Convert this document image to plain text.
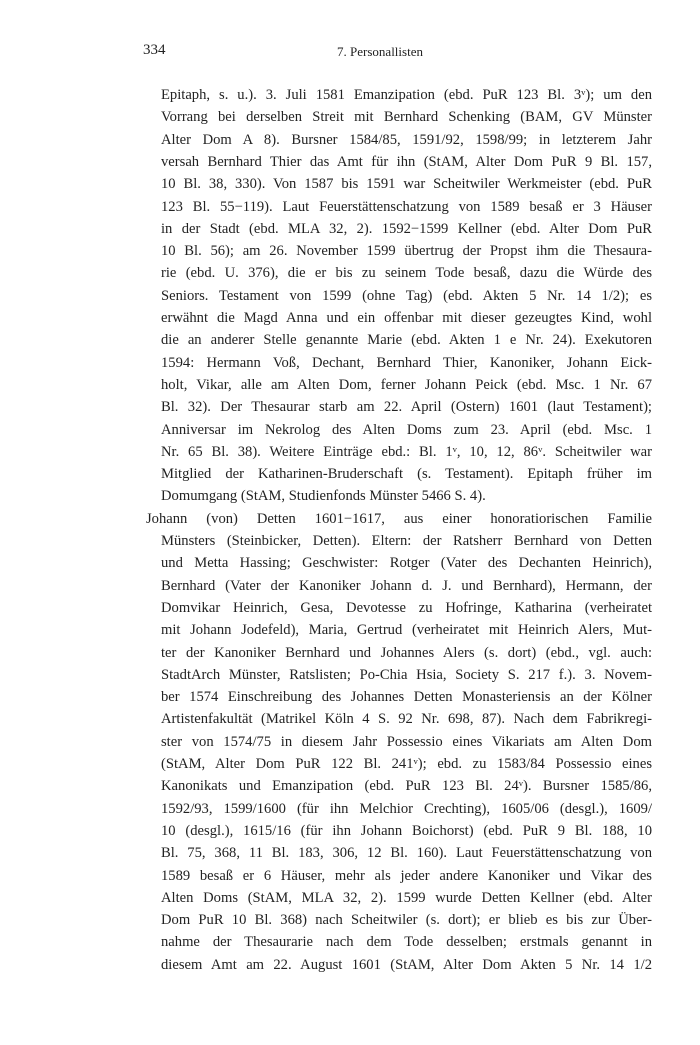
334	7. Personallisten
Epitaph, s. u.). 3. Juli 1581 Emanzipation (ebd. PuR 123 Bl. 3ᵛ); um den
Vorrang bei derselben Streit mit Bernhard Schenking (BAM, GV Münster
Alter Dom A 8). Bursner 1584/85, 1591/92, 1598/99; in letzterem Jahr
versah Bernhard Thier das Amt für ihn (StAM, Alter Dom PuR 9 Bl. 157,
10 Bl. 38, 330). Von 1587 bis 1591 war Scheitwiler Werkmeister (ebd. PuR
123 Bl. 55−119). Laut Feuerstättenschatzung von 1589 besaß er 3 Häuser
in der Stadt (ebd. MLA 32, 2). 1592−1599 Kellner (ebd. Alter Dom PuR
10 Bl. 56); am 26. November 1599 übertrug der Propst ihm die Thesaura-
rie (ebd. U. 376), die er bis zu seinem Tode besaß, dazu die Würde des
Seniors. Testament von 1599 (ohne Tag) (ebd. Akten 5 Nr. 14 1/2); es
erwähnt die Magd Anna und ein offenbar mit dieser gezeugtes Kind, wohl
die an anderer Stelle genannte Marie (ebd. Akten 1 e Nr. 24). Exekutoren
1594: Hermann Voß, Dechant, Bernhard Thier, Kanoniker, Johann Eick-
holt, Vikar, alle am Alten Dom, ferner Johann Peick (ebd. Msc. 1 Nr. 67
Bl. 32). Der Thesaurar starb am 22. April (Ostern) 1601 (laut Testament);
Anniversar im Nekrolog des Alten Doms zum 23. April (ebd. Msc. 1
Nr. 65 Bl. 38). Weitere Einträge ebd.: Bl. 1ᵛ, 10, 12, 86ᵛ. Scheitwiler war
Mitglied der Katharinen-Bruderschaft (s. Testament). Epitaph früher im
Domumgang (StAM, Studienfonds Münster 5466 S. 4).
Johann (von) Detten 1601−1617, aus einer honoratiorischen Familie
Münsters (Steinbicker, Detten). Eltern: der Ratsherr Bernhard von Detten
und Metta Hassing; Geschwister: Rotger (Vater des Dechanten Heinrich),
Bernhard (Vater der Kanoniker Johann d. J. und Bernhard), Hermann, der
Domvikar Heinrich, Gesa, Devotesse zu Hofringe, Katharina (verheiratet
mit Johann Jodefeld), Maria, Gertrud (verheiratet mit Heinrich Alers, Mut-
ter der Kanoniker Bernhard und Johannes Alers (s. dort) (ebd., vgl. auch:
StadtArch Münster, Ratslisten; Po-Chia Hsia, Society S. 217 f.). 3. Novem-
ber 1574 Einschreibung des Johannes Detten Monasteriensis an der Kölner
Artistenfakultät (Matrikel Köln 4 S. 92 Nr. 698, 87). Nach dem Fabrikregi-
ster von 1574/75 in diesem Jahr Possessio eines Vikariats am Alten Dom
(StAM, Alter Dom PuR 122 Bl. 241ᵛ); ebd. zu 1583/84 Possessio eines
Kanonikats und Emanzipation (ebd. PuR 123 Bl. 24ᵛ). Bursner 1585/86,
1592/93, 1599/1600 (für ihn Melchior Crechting), 1605/06 (desgl.), 1609/
10 (desgl.), 1615/16 (für ihn Johann Boichorst) (ebd. PuR 9 Bl. 188, 10
Bl. 75, 368, 11 Bl. 183, 306, 12 Bl. 160). Laut Feuerstättenschatzung von
1589 besaß er 6 Häuser, mehr als jeder andere Kanoniker und Vikar des
Alten Doms (StAM, MLA 32, 2). 1599 wurde Detten Kellner (ebd. Alter
Dom PuR 10 Bl. 368) nach Scheitwiler (s. dort); er blieb es bis zur Über-
nahme der Thesaurarie nach dem Tode desselben; erstmals genannt in
diesem Amt am 22. August 1601 (StAM, Alter Dom Akten 5 Nr. 14 1/2
